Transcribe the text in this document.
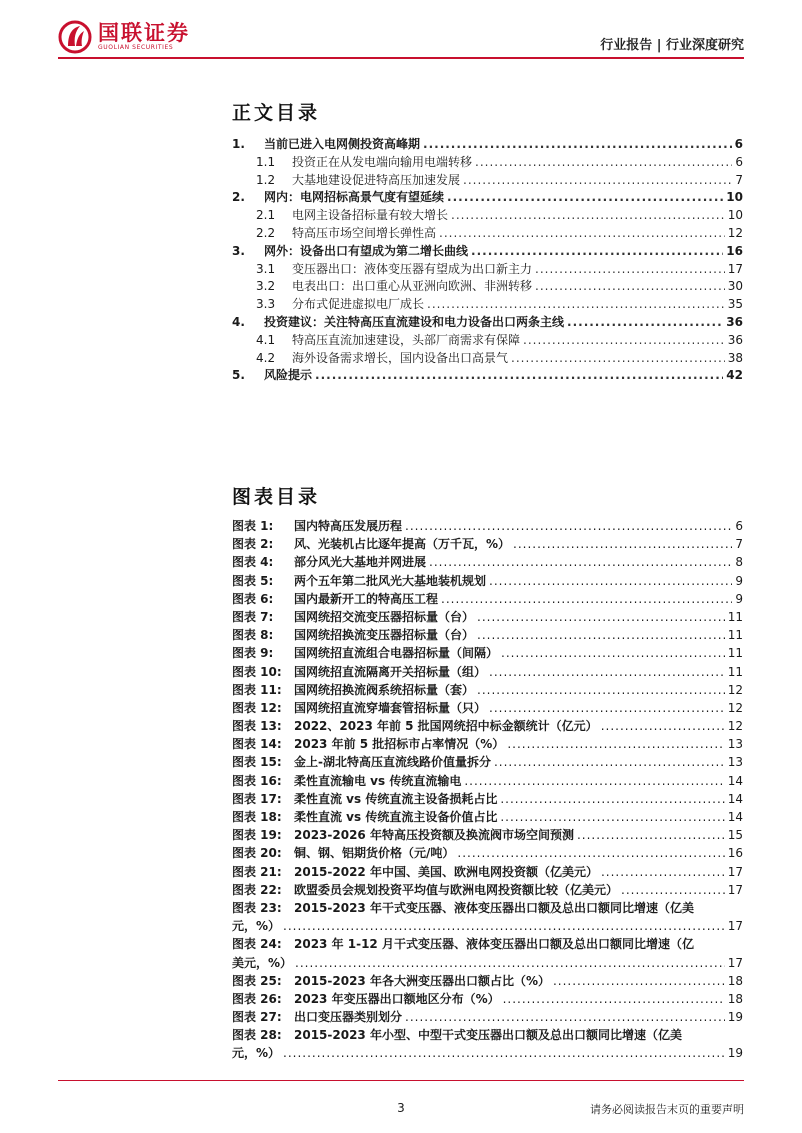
国联证券
GUOLIAN SECURITIES	行业报告 | 行业深度研究
正文目录
1.	当前已进入电网侧投资高峰期 .....	6
1.1	投资正在从发电端向输用电端转移 .....	6
1.2	大基地建设促进特高压加速发展 .....	7
2.	网内：电网招标高景气度有望延续 .....	10
2.1	电网主设备招标量有较大增长 .....	10
2.2	特高压市场空间增长弹性高 .....	12
3.	网外：设备出口有望成为第二增长曲线 .....	16
3.1	变压器出口：液体变压器有望成为出口新主力 .....	17
3.2	电表出口：出口重心从亚洲向欧洲、非洲转移 .....	30
3.3	分布式促进虚拟电厂成长 .....	35
4.	投资建议：关注特高压直流建设和电力设备出口两条主线 .....	36
4.1	特高压直流加速建设，头部厂商需求有保障 .....	36
4.2	海外设备需求增长，国内设备出口高景气 .....	38
5.	风险提示 .....	42
图表目录
图表 1:	国内特高压发展历程 .....	6
图表 2:	风、光装机占比逐年提高（万千瓦，%） .....	7
图表 4:	部分风光大基地并网进展 .....	8
图表 5:	两个五年第二批风光大基地装机规划 .....	9
图表 6:	国内最新开工的特高压工程 .....	9
图表 7:	国网统招交流变压器招标量（台） .....	11
图表 8:	国网统招换流变压器招标量（台） .....	11
图表 9:	国网统招直流组合电器招标量（间隔） .....	11
图表 10:	国网统招直流隔离开关招标量（组） .....	11
图表 11:	国网统招换流阀系统招标量（套） .....	12
图表 12:	国网统招直流穿墙套管招标量（只） .....	12
图表 13:	2022、2023 年前 5 批国网统招中标金额统计（亿元） .....	12
图表 14:	2023 年前 5 批招标市占率情况（%） .....	13
图表 15:	金上-湖北特高压直流线路价值量拆分 .....	13
图表 16:	柔性直流输电 vs 传统直流输电 .....	14
图表 17:	柔性直流 vs 传统直流主设备损耗占比 .....	14
图表 18:	柔性直流 vs 传统直流主设备价值占比 .....	14
图表 19:	2023-2026 年特高压投资额及换流阀市场空间预测 .....	15
图表 20:	铜、钢、铝期货价格（元/吨） .....	16
图表 21:	2015-2022 年中国、美国、欧洲电网投资额（亿美元） .....	17
图表 22:	欧盟委员会规划投资平均值与欧洲电网投资额比较（亿美元） .....	17
图表 23:	2015-2023 年干式变压器、液体变压器出口额及总出口额同比增速（亿美
元，%） .....	17
图表 24:	2023 年 1-12 月干式变压器、液体变压器出口额及总出口额同比增速（亿
美元，%） .....	17
图表 25:	2015-2023 年各大洲变压器出口额占比（%） .....	18
图表 26:	2023 年变压器出口额地区分布（%） .....	18
图表 27:	出口变压器类别划分 .....	19
图表 28:	2015-2023 年小型、中型干式变压器出口额及总出口额同比增速（亿美
元，%） .....	19
3	请务必阅读报告末页的重要声明
